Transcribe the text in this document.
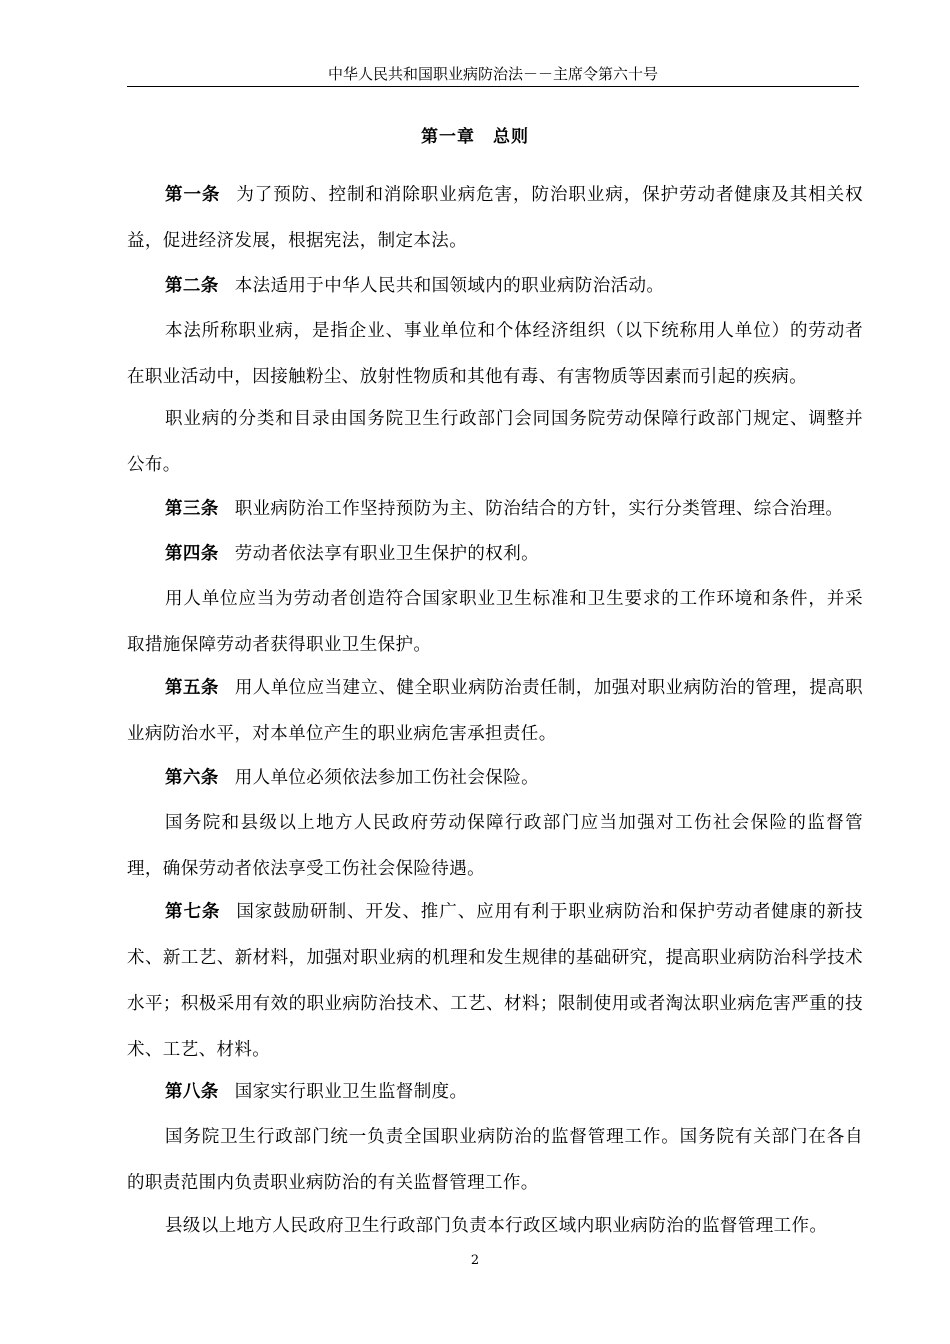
中华人民共和国职业病防治法－－主席令第六十号
第一章 总则

第一条 为了预防、控制和消除职业病危害，防治职业病，保护劳动者健康及其相关权益，促进经济发展，根据宪法，制定本法。

第二条 本法适用于中华人民共和国领域内的职业病防治活动。

本法所称职业病，是指企业、事业单位和个体经济组织（以下统称用人单位）的劳动者在职业活动中，因接触粉尘、放射性物质和其他有毒、有害物质等因素而引起的疾病。

职业病的分类和目录由国务院卫生行政部门会同国务院劳动保障行政部门规定、调整并公布。

第三条 职业病防治工作坚持预防为主、防治结合的方针，实行分类管理、综合治理。

第四条 劳动者依法享有职业卫生保护的权利。

用人单位应当为劳动者创造符合国家职业卫生标准和卫生要求的工作环境和条件，并采取措施保障劳动者获得职业卫生保护。

第五条 用人单位应当建立、健全职业病防治责任制，加强对职业病防治的管理，提高职业病防治水平，对本单位产生的职业病危害承担责任。

第六条 用人单位必须依法参加工伤社会保险。

国务院和县级以上地方人民政府劳动保障行政部门应当加强对工伤社会保险的监督管理，确保劳动者依法享受工伤社会保险待遇。

第七条 国家鼓励研制、开发、推广、应用有利于职业病防治和保护劳动者健康的新技术、新工艺、新材料，加强对职业病的机理和发生规律的基础研究，提高职业病防治科学技术水平；积极采用有效的职业病防治技术、工艺、材料；限制使用或者淘汰职业病危害严重的技术、工艺、材料。

第八条 国家实行职业卫生监督制度。

国务院卫生行政部门统一负责全国职业病防治的监督管理工作。国务院有关部门在各自的职责范围内负责职业病防治的有关监督管理工作。

县级以上地方人民政府卫生行政部门负责本行政区域内职业病防治的监督管理工作。

2
